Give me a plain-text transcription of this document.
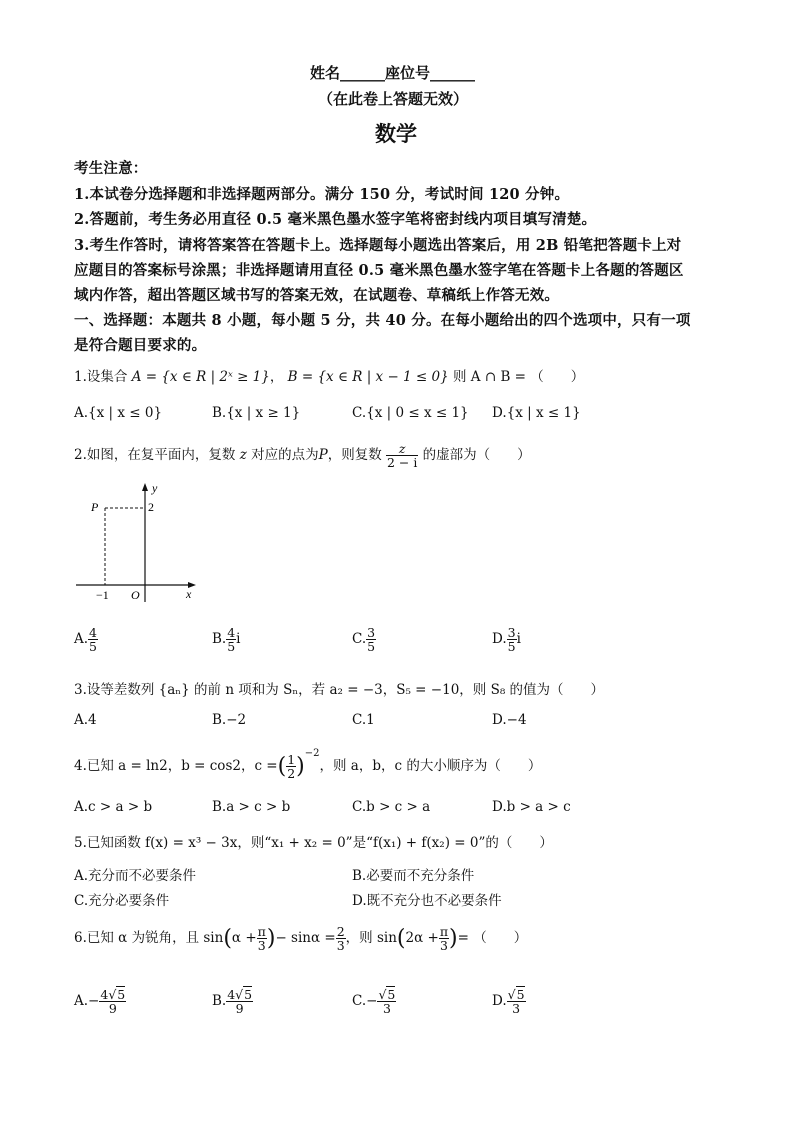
姓名______座位号______
（在此卷上答题无效）
数学
考生注意：
1.本试卷分选择题和非选择题两部分。满分 150 分，考试时间 120 分钟。
2.答题前，考生务必用直径 0.5 毫米黑色墨水签字笔将密封线内项目填写清楚。
3.考生作答时，请将答案答在答题卡上。选择题每小题选出答案后，用 2B 铅笔把答题卡上对
应题目的答案标号涂黑；非选择题请用直径 0.5 毫米黑色墨水签字笔在答题卡上各题的答题区
域内作答，超出答题区域书写的答案无效，在试题卷、草稿纸上作答无效。
一、选择题：本题共 8 小题，每小题 5 分，共 40 分。在每小题给出的四个选项中，只有一项
是符合题目要求的。
1.设集合 A = {x ∈ R | 2ˣ ≥ 1}， B = {x ∈ R | x − 1 ≤ 0} 则 A ∩ B = （　　）
A.{x | x ≤ 0}	B.{x | x ≥ 1}	C.{x | 0 ≤ x ≤ 1} D.{x | x ≤ 1}
2.如图，在复平面内，复数 z 对应的点为P，则复数 $\frac{z}{2 - i}$ 的虚部为（　　）
y
P	2
x
−1 O
A. $\frac{4}{5}$	B. $\frac{4}{5}$ i	C. $\frac{3}{5}$	D. $\frac{3}{5}$ i
3.设等差数列 {aₙ} 的前 n 项和为 Sₙ，若 a₂ = −3，S₅ = −10，则 S₈ 的值为（　　）
A.4	B.−2	C.1	D.−4
4.已知 a = ln2，b = cos2，c =( $\frac{1}{2} )^{-2}$，则 a，b，c 的大小顺序为（　　）
A.c > a > b	B.a > c > b	C.b > c > a	D.b > a > c
5.已知函数 f(x) = x³ − 3x，则“x₁ + x₂ = 0”是“f(x₁) + f(x₂) = 0”的（　　）
A.充分而不必要条件	B.必要而不充分条件
C.充分必要条件	D.既不充分也不必要条件
6.已知 α 为锐角，且 $\sin(\alpha + \frac{\pi}{3}$ )− $\sin\alpha = \frac{2}{3}$ ，则 $\sin(2\alpha + \frac{\pi}{3}$ )= （　　）
$A.- \frac{4√5}{9}$	B. $\frac{4√5}{9}$	$C.- \frac{√5}{3}$	D. $\frac{√5}{3}$
